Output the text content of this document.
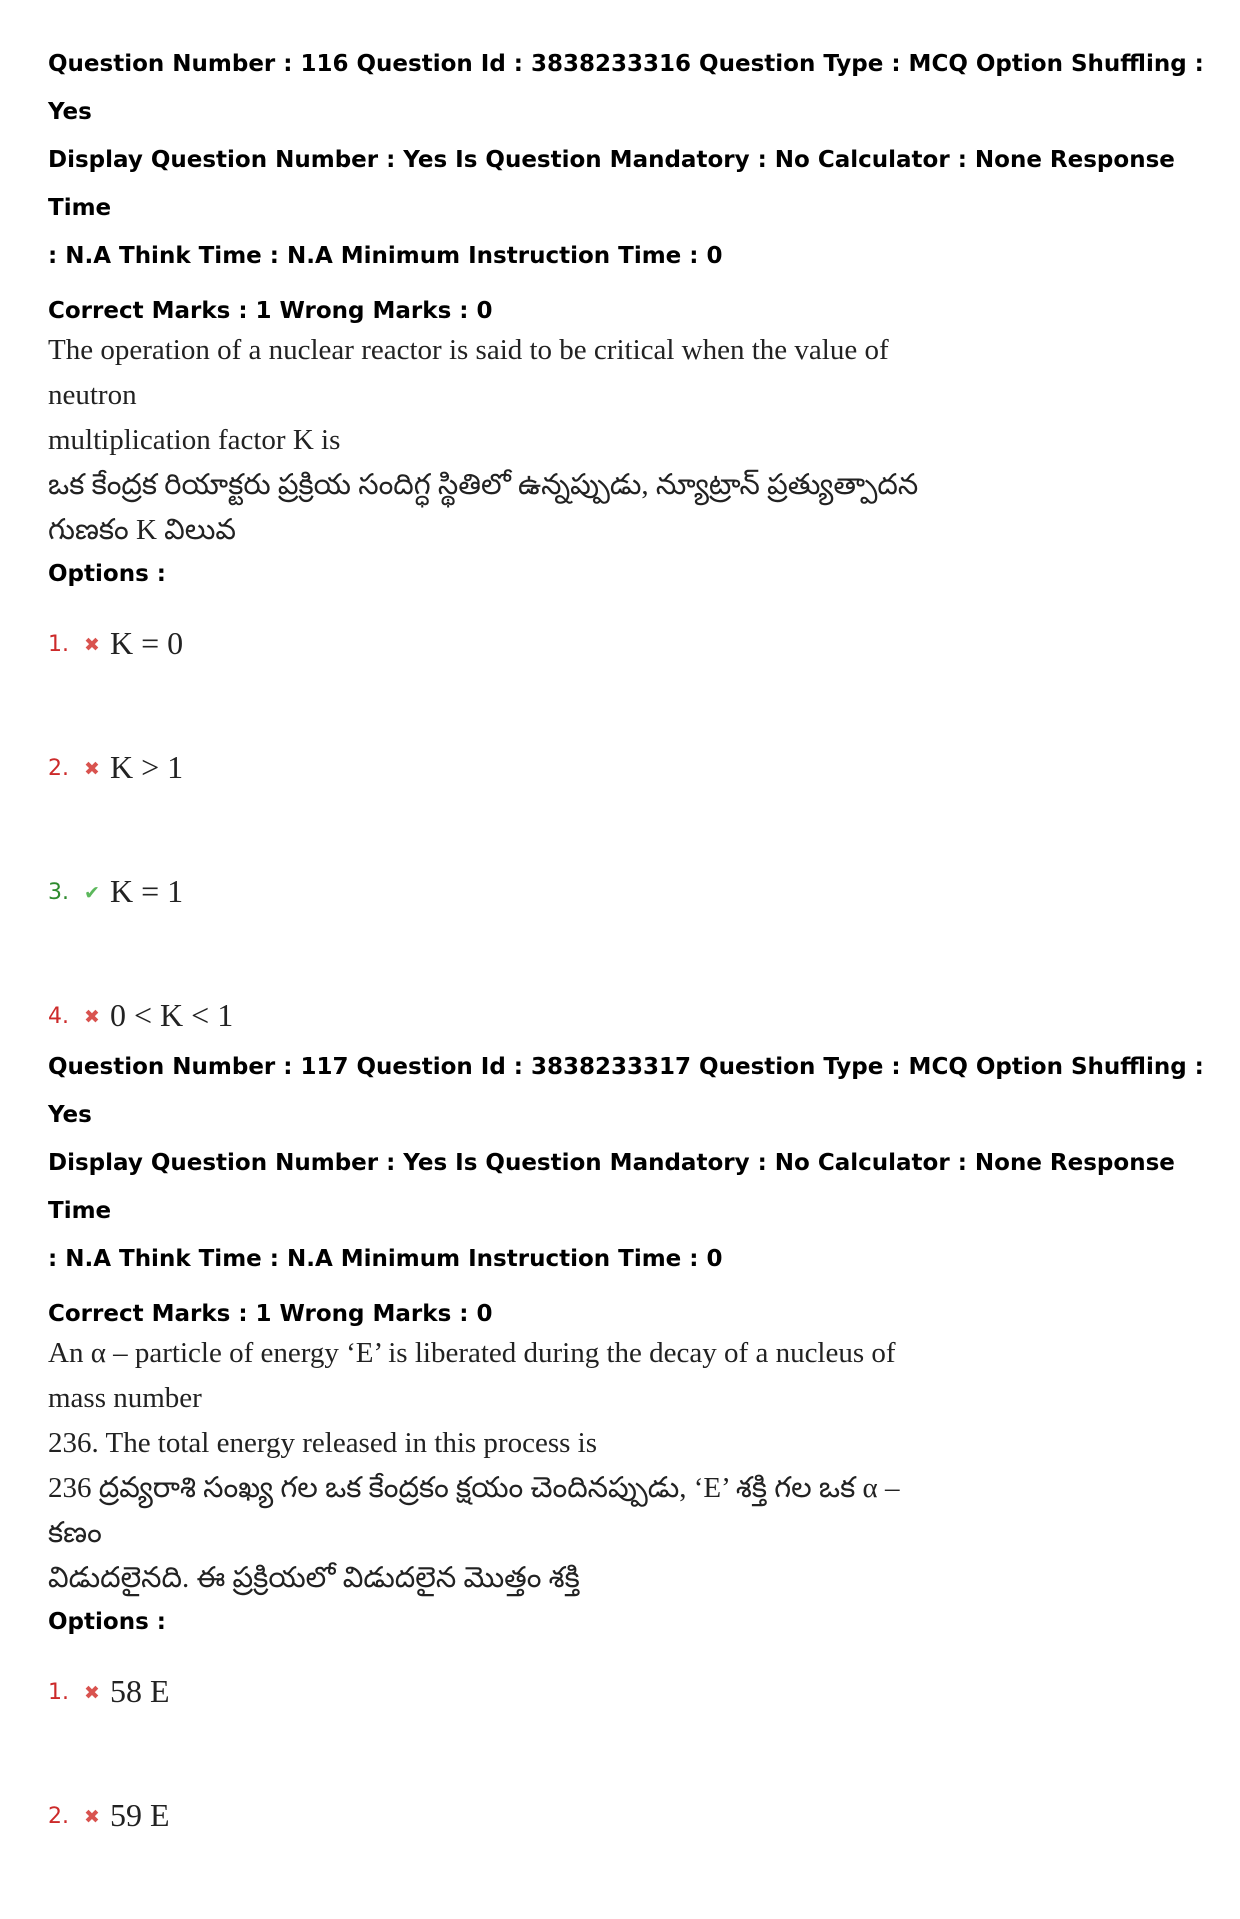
Question Number : 116 Question Id : 3838233316 Question Type : MCQ Option Shuffling : Yes
Display Question Number : Yes Is Question Mandatory : No Calculator : None Response Time
: N.A Think Time : N.A Minimum Instruction Time : 0
Correct Marks : 1 Wrong Marks : 0
The operation of a nuclear reactor is said to be critical when the value of neutron
multiplication factor K is
ఒక కేంద్రక రియాక్టరు ప్రక్రియ సందిగ్ధ స్థితిలో ఉన్నప్పుడు, న్యూట్రాన్ ప్రత్యుత్పాదన
గుణకం K విలువ
Options :
1. ✖ K = 0
2. ✖ K > 1
3. ✔ K = 1
4. ✖ 0 < K < 1
Question Number : 117 Question Id : 3838233317 Question Type : MCQ Option Shuffling : Yes
Display Question Number : Yes Is Question Mandatory : No Calculator : None Response Time
: N.A Think Time : N.A Minimum Instruction Time : 0
Correct Marks : 1 Wrong Marks : 0
An α – particle of energy ‘E’ is liberated during the decay of a nucleus of mass number
236. The total energy released in this process is
236 ద్రవ్యరాశి సంఖ్య గల ఒక కేంద్రకం క్షయం చెందినప్పుడు, ‘E’ శక్తి గల ఒక α – కణం
విడుదలైనది. ఈ ప్రక్రియలో విడుదలైన మొత్తం శక్తి
Options :
1. ✖ 58 E
2. ✖ 59 E
